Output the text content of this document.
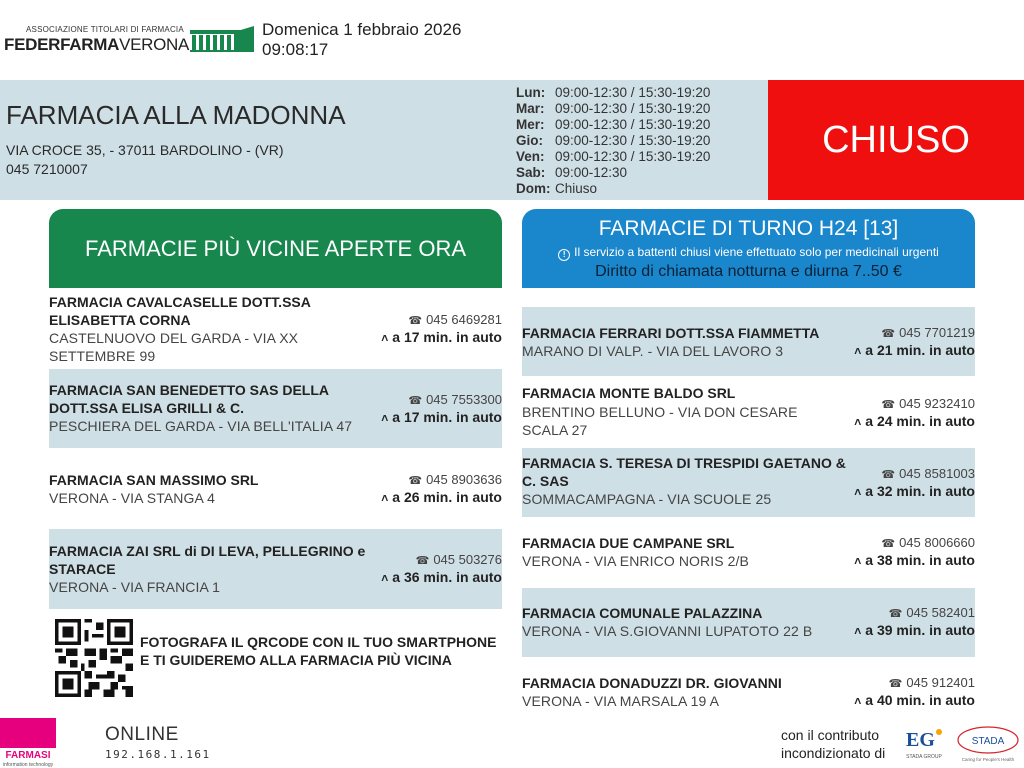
ASSOCIAZIONE TITOLARI DI FARMACIA
FEDERFARMAVERONA
Domenica 1 febbraio 2026
09:08:17
FARMACIA ALLA MADONNA
VIA CROCE 35, - 37011 BARDOLINO - (VR)
045 7210007
Lun: 09:00-12:30 / 15:30-19:20
Mar: 09:00-12:30 / 15:30-19:20
Mer: 09:00-12:30 / 15:30-19:20
Gio: 09:00-12:30 / 15:30-19:20
Ven: 09:00-12:30 / 15:30-19:20
Sab: 09:00-12:30
Dom: Chiuso
CHIUSO
FARMACIE PIÙ VICINE APERTE ORA
FARMACIE DI TURNO H24 [13]
! Il servizio a battenti chiusi viene effettuato solo per medicinali urgenti
Diritto di chiamata notturna e diurna 7..50 €
FARMACIA CAVALCASELLE DOTT.SSA ELISABETTA CORNA
CASTELNUOVO DEL GARDA - VIA XX SETTEMBRE 99
☎ 045 6469281
˄ a 17 min. in auto
FARMACIA SAN BENEDETTO SAS DELLA DOTT.SSA ELISA GRILLI & C.
PESCHIERA DEL GARDA - VIA BELL'ITALIA 47
☎ 045 7553300
˄ a 17 min. in auto
FARMACIA SAN MASSIMO SRL
VERONA - VIA STANGA 4
☎ 045 8903636
˄ a 26 min. in auto
FARMACIA ZAI SRL di DI LEVA, PELLEGRINO e STARACE
VERONA - VIA FRANCIA 1
☎ 045 503276
˄ a 36 min. in auto
FOTOGRAFA IL QRCODE CON IL TUO SMARTPHONE E TI GUIDEREMO ALLA FARMACIA PIÙ VICINA
FARMACIA FERRARI DOTT.SSA FIAMMETTA
MARANO DI VALP. - VIA DEL LAVORO 3
☎ 045 7701219
˄ a 21 min. in auto
FARMACIA MONTE BALDO SRL
BRENTINO BELLUNO - VIA DON CESARE SCALA 27
☎ 045 9232410
˄ a 24 min. in auto
FARMACIA S. TERESA DI TRESPIDI GAETANO & C. SAS
SOMMACAMPAGNA - VIA SCUOLE 25
☎ 045 8581003
˄ a 32 min. in auto
FARMACIA DUE CAMPANE SRL
VERONA - VIA ENRICO NORIS 2/B
☎ 045 8006660
˄ a 38 min. in auto
FARMACIA COMUNALE PALAZZINA
VERONA - VIA S.GIOVANNI LUPATOTO 22 B
☎ 045 582401
˄ a 39 min. in auto
FARMACIA DONADUZZI DR. GIOVANNI
VERONA - VIA MARSALA 19 A
☎ 045 912401
˄ a 40 min. in auto
FARMASI
information technology
ONLINE
192.168.1.161
con il contributo
incondizionato di
EG
STADA GROUP
STADA
Caring for People's Health
